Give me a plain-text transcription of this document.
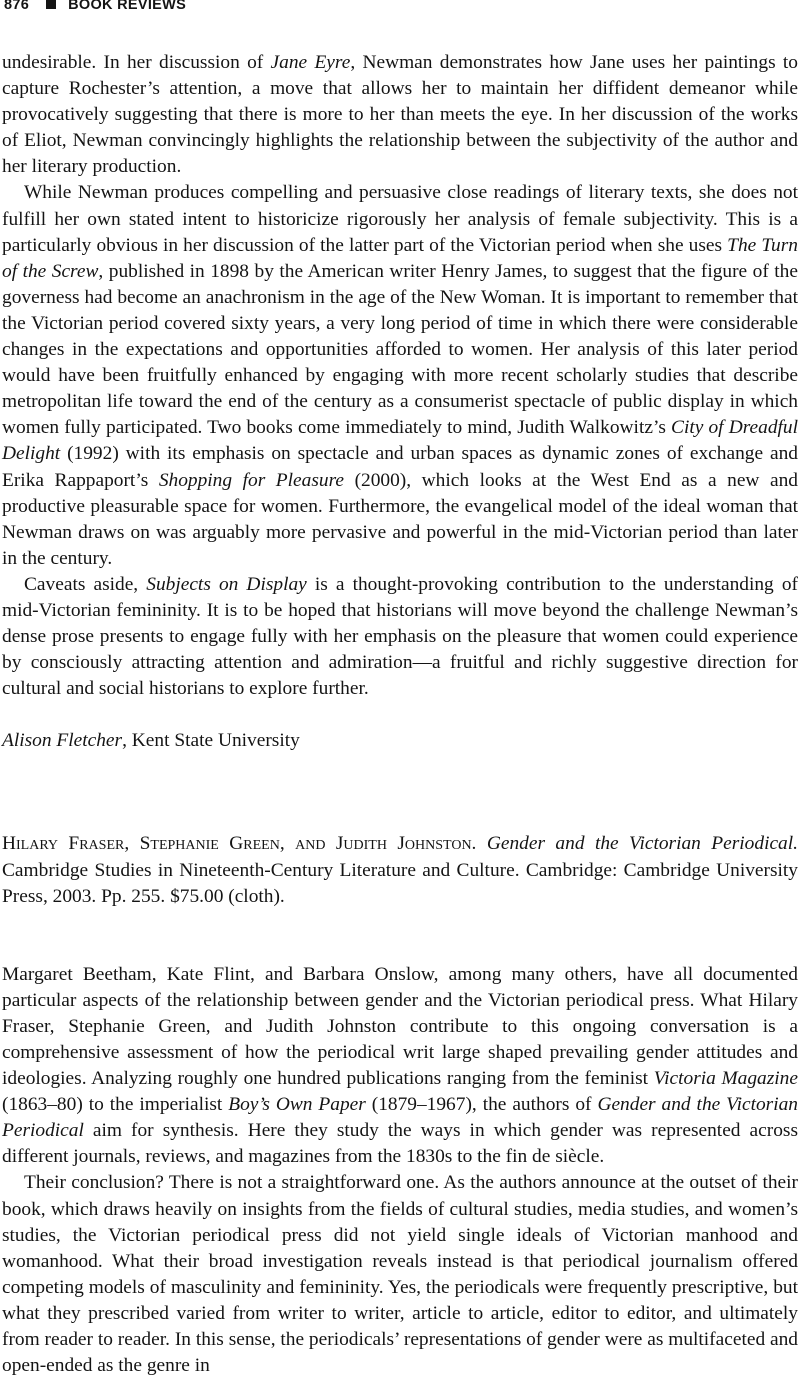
876	BOOK REVIEWS

undesirable. In her discussion of Jane Eyre, Newman demonstrates how Jane uses her paintings to capture Rochester’s attention, a move that allows her to maintain her diffident demeanor while provocatively suggesting that there is more to her than meets the eye. In her discussion of the works of Eliot, Newman convincingly highlights the relationship between the subjectivity of the author and her literary production.

While Newman produces compelling and persuasive close readings of literary texts, she does not fulfill her own stated intent to historicize rigorously her analysis of female subjectivity. This is a particularly obvious in her discussion of the latter part of the Victorian period when she uses The Turn of the Screw, published in 1898 by the American writer Henry James, to suggest that the figure of the governess had become an anachronism in the age of the New Woman. It is important to remember that the Victorian period covered sixty years, a very long period of time in which there were considerable changes in the expectations and opportunities afforded to women. Her analysis of this later period would have been fruitfully enhanced by engaging with more recent scholarly studies that describe metropolitan life toward the end of the century as a consumerist spectacle of public display in which women fully participated. Two books come immediately to mind, Judith Walkowitz’s City of Dreadful Delight (1992) with its emphasis on spectacle and urban spaces as dynamic zones of exchange and Erika Rappaport’s Shopping for Pleasure (2000), which looks at the West End as a new and productive pleasurable space for women. Furthermore, the evangelical model of the ideal woman that Newman draws on was arguably more pervasive and powerful in the mid-Victorian period than later in the century.

Caveats aside, Subjects on Display is a thought-provoking contribution to the understanding of mid-Victorian femininity. It is to be hoped that historians will move beyond the challenge Newman’s dense prose presents to engage fully with her emphasis on the pleasure that women could experience by consciously attracting attention and admiration—a fruitful and richly suggestive direction for cultural and social historians to explore further.

Alison Fletcher, Kent State University

Hilary Fraser, Stephanie Green, and Judith Johnston. Gender and the Victorian Periodical. Cambridge Studies in Nineteenth-Century Literature and Culture. Cambridge: Cambridge University Press, 2003. Pp. 255. $75.00 (cloth).

Margaret Beetham, Kate Flint, and Barbara Onslow, among many others, have all documented particular aspects of the relationship between gender and the Victorian periodical press. What Hilary Fraser, Stephanie Green, and Judith Johnston contribute to this ongoing conversation is a comprehensive assessment of how the periodical writ large shaped prevailing gender attitudes and ideologies. Analyzing roughly one hundred publications ranging from the feminist Victoria Magazine (1863–80) to the imperialist Boy’s Own Paper (1879–1967), the authors of Gender and the Victorian Periodical aim for synthesis. Here they study the ways in which gender was represented across different journals, reviews, and magazines from the 1830s to the fin de siècle.

Their conclusion? There is not a straightforward one. As the authors announce at the outset of their book, which draws heavily on insights from the fields of cultural studies, media studies, and women’s studies, the Victorian periodical press did not yield single ideals of Victorian manhood and womanhood. What their broad investigation reveals instead is that periodical journalism offered competing models of masculinity and femininity. Yes, the periodicals were frequently prescriptive, but what they prescribed varied from writer to writer, article to article, editor to editor, and ultimately from reader to reader. In this sense, the periodicals’ representations of gender were as multifaceted and open-ended as the genre in
